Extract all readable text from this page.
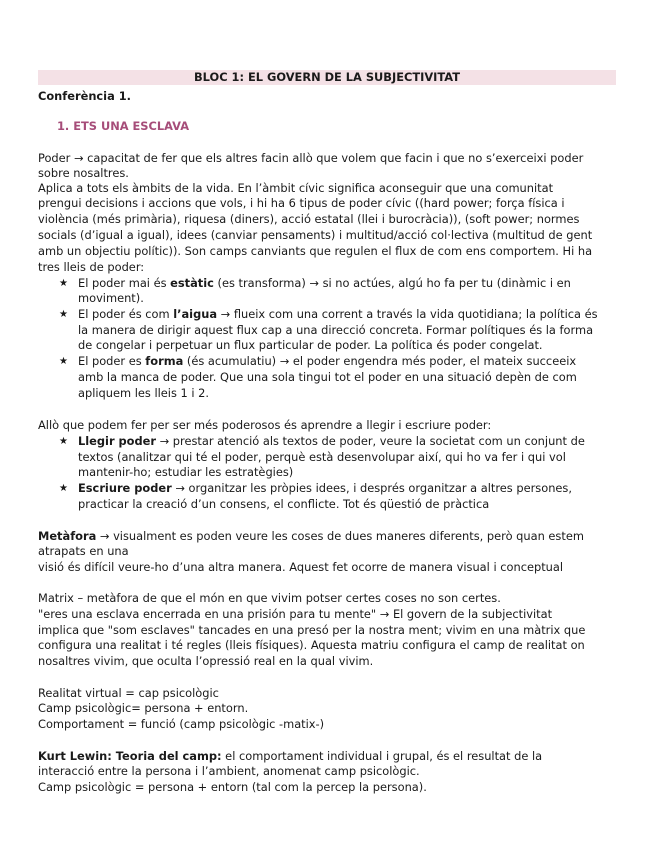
BLOC 1: EL GOVERN DE LA SUBJECTIVITAT
Conferència 1.
1. ETS UNA ESCLAVA
Poder → capacitat de fer que els altres facin allò que volem que facin i que no s’exerceixi poder
sobre nosaltres.
Aplica a tots els àmbits de la vida. En l’àmbit cívic significa aconseguir que una comunitat
prengui decisions i accions que vols, i hi ha 6 tipus de poder cívic ((hard power; força física i
violència (més primària), riquesa (diners), acció estatal (llei i burocràcia)), (soft power; normes
socials (d’igual a igual), idees (canviar pensaments) i multitud/acció col·lectiva (multitud de gent
amb un objectiu polític)). Son camps canviants que regulen el flux de com ens comportem. Hi ha
tres lleis de poder:
★ El poder mai és estàtic (es transforma) → si no actúes, algú ho fa per tu (dinàmic i en
moviment).
★ El poder és com l’aigua → flueix com una corrent a través la vida quotidiana; la política és
la manera de dirigir aquest flux cap a una direcció concreta. Formar polítiques és la forma
de congelar i perpetuar un flux particular de poder. La política és poder congelat.
★ El poder es forma (és acumulatiu) → el poder engendra més poder, el mateix succeeix
amb la manca de poder. Que una sola tingui tot el poder en una situació depèn de com
apliquem les lleis 1 i 2.
Allò que podem fer per ser més poderosos és aprendre a llegir i escriure poder:
★ Llegir poder → prestar atenció als textos de poder, veure la societat com un conjunt de
textos (analitzar qui té el poder, perquè està desenvolupar així, qui ho va fer i qui vol
mantenir-ho; estudiar les estratègies)
★ Escriure poder → organitzar les pròpies idees, i després organitzar a altres persones,
practicar la creació d’un consens, el conflicte. Tot és qüestió de pràctica
Metàfora → visualment es poden veure les coses de dues maneres diferents, però quan estem
atrapats en una
visió és difícil veure-ho d’una altra manera. Aquest fet ocorre de manera visual i conceptual
Matrix – metàfora de que el món en que vivim potser certes coses no son certes.
"eres una esclava encerrada en una prisión para tu mente" → El govern de la subjectivitat
implica que "som esclaves" tancades en una presó per la nostra ment; vivim en una màtrix que
configura una realitat i té regles (lleis físiques). Aquesta matriu configura el camp de realitat on
nosaltres vivim, que oculta l’opressió real en la qual vivim.
Realitat virtual = cap psicològic
Camp psicològic= persona + entorn.
Comportament = funció (camp psicològic -matix-)
Kurt Lewin: Teoria del camp: el comportament individual i grupal, és el resultat de la
interacció entre la persona i l’ambient, anomenat camp psicològic.
Camp psicològic = persona + entorn (tal com la percep la persona).
